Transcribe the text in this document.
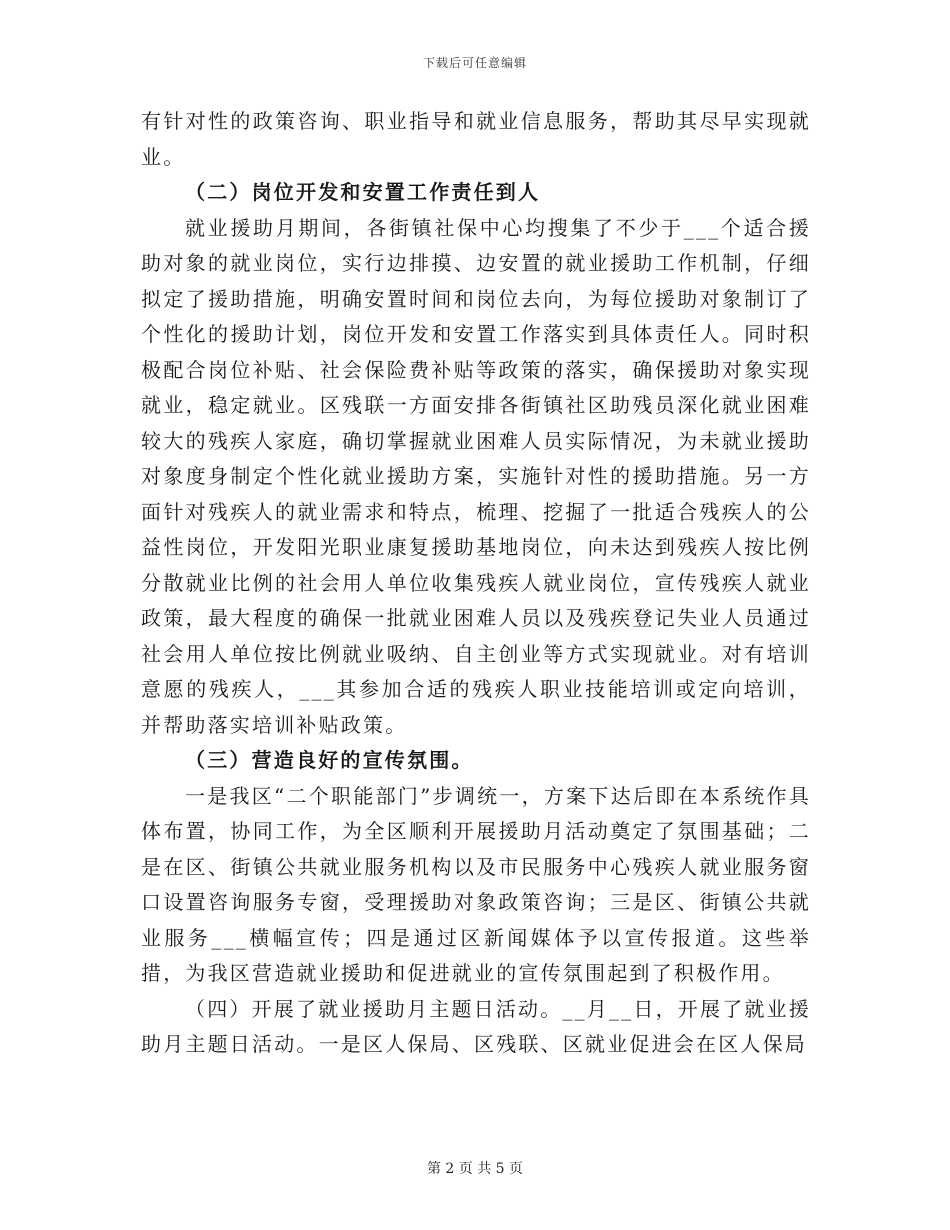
下载后可任意编辑

有针对性的政策咨询、职业指导和就业信息服务，帮助其尽早实现就业。

（二）岗位开发和安置工作责任到人

就业援助月期间，各街镇社保中心均搜集了不少于___个适合援助对象的就业岗位，实行边排摸、边安置的就业援助工作机制，仔细拟定了援助措施，明确安置时间和岗位去向，为每位援助对象制订了个性化的援助计划，岗位开发和安置工作落实到具体责任人。同时积极配合岗位补贴、社会保险费补贴等政策的落实，确保援助对象实现就业，稳定就业。区残联一方面安排各街镇社区助残员深化就业困难较大的残疾人家庭，确切掌握就业困难人员实际情况，为未就业援助对象度身制定个性化就业援助方案，实施针对性的援助措施。另一方面针对残疾人的就业需求和特点，梳理、挖掘了一批适合残疾人的公益性岗位，开发阳光职业康复援助基地岗位，向未达到残疾人按比例分散就业比例的社会用人单位收集残疾人就业岗位，宣传残疾人就业政策，最大程度的确保一批就业困难人员以及残疾登记失业人员通过社会用人单位按比例就业吸纳、自主创业等方式实现就业。对有培训意愿的残疾人，___其参加合适的残疾人职业技能培训或定向培训，并帮助落实培训补贴政策。

（三）营造良好的宣传氛围。

一是我区“二个职能部门”步调统一，方案下达后即在本系统作具体布置，协同工作，为全区顺利开展援助月活动奠定了氛围基础；二是在区、街镇公共就业服务机构以及市民服务中心残疾人就业服务窗口设置咨询服务专窗，受理援助对象政策咨询；三是区、街镇公共就业服务___横幅宣传；四是通过区新闻媒体予以宣传报道。这些举措，为我区营造就业援助和促进就业的宣传氛围起到了积极作用。

（四）开展了就业援助月主题日活动。__月__日，开展了就业援助月主题日活动。一是区人保局、区残联、区就业促进会在区人保局

第 2 页 共 5 页
